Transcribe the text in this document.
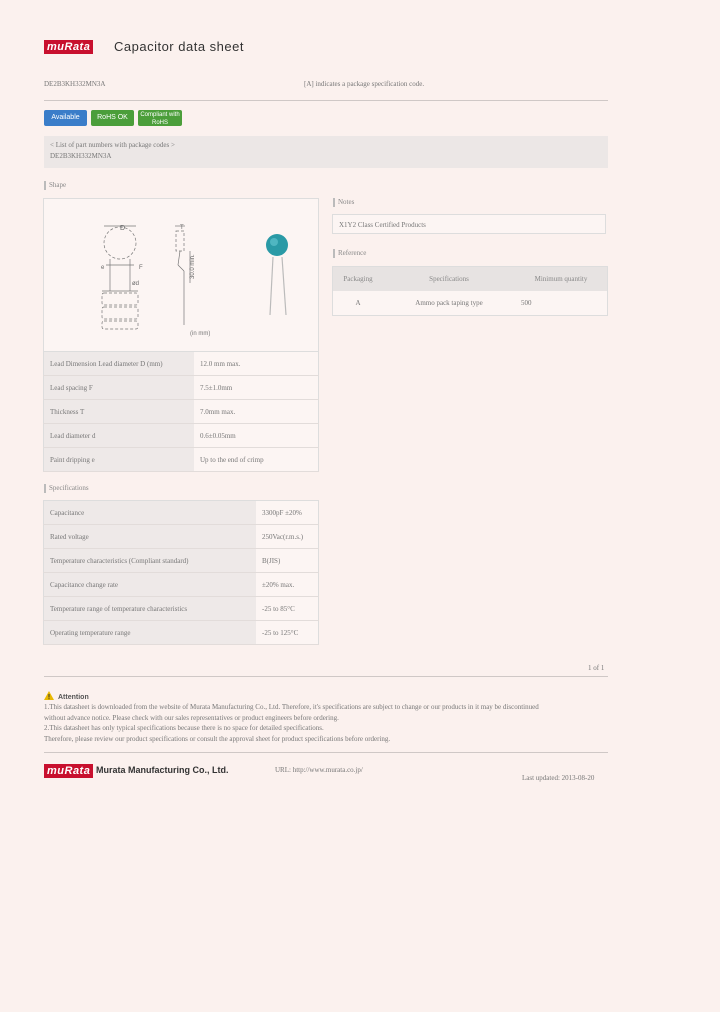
muRata Capacitor data sheet
DE2B3KH332MN3A	[A] indicates a package specification code.
Available	RoHS OK	Compliant with RoHS
< List of part numbers with package codes >
DE2B3KH332MN3A
Shape
D	T
e	F
ød
30.0 min.
(in mm)
Lead Dimension Lead diameter D (mm)	12.0 mm max.
Lead spacing F	7.5±1.0mm
Thickness T	7.0mm max.
Lead diameter d	0.6±0.05mm
Paint dripping e	Up to the end of crimp
Specifications
Capacitance	3300pF ±20%
Rated voltage	250Vac(r.m.s.)
Temperature characteristics (Compliant standard)	B(JIS)
Capacitance change rate	±20% max.
Temperature range of temperature characteristics	-25 to 85°C
Operating temperature range	-25 to 125°C
Notes
X1Y2 Class Certified Products
Reference
Packaging	Specifications	Minimum quantity
A	Ammo pack taping type	500
1 of 1
Attention
1.This datasheet is downloaded from the website of Murata Manufacturing Co., Ltd. Therefore, it's specifications are subject to change or our products in it may be discontinued
without advance notice. Please check with our sales representatives or product engineers before ordering.
2.This datasheet has only typical specifications because there is no space for detailed specifications.
Therefore, please review our product specifications or consult the approval sheet for product specifications before ordering.
muRata Murata Manufacturing Co., Ltd.	URL: http://www.murata.co.jp/
Last updated: 2013-08-20
